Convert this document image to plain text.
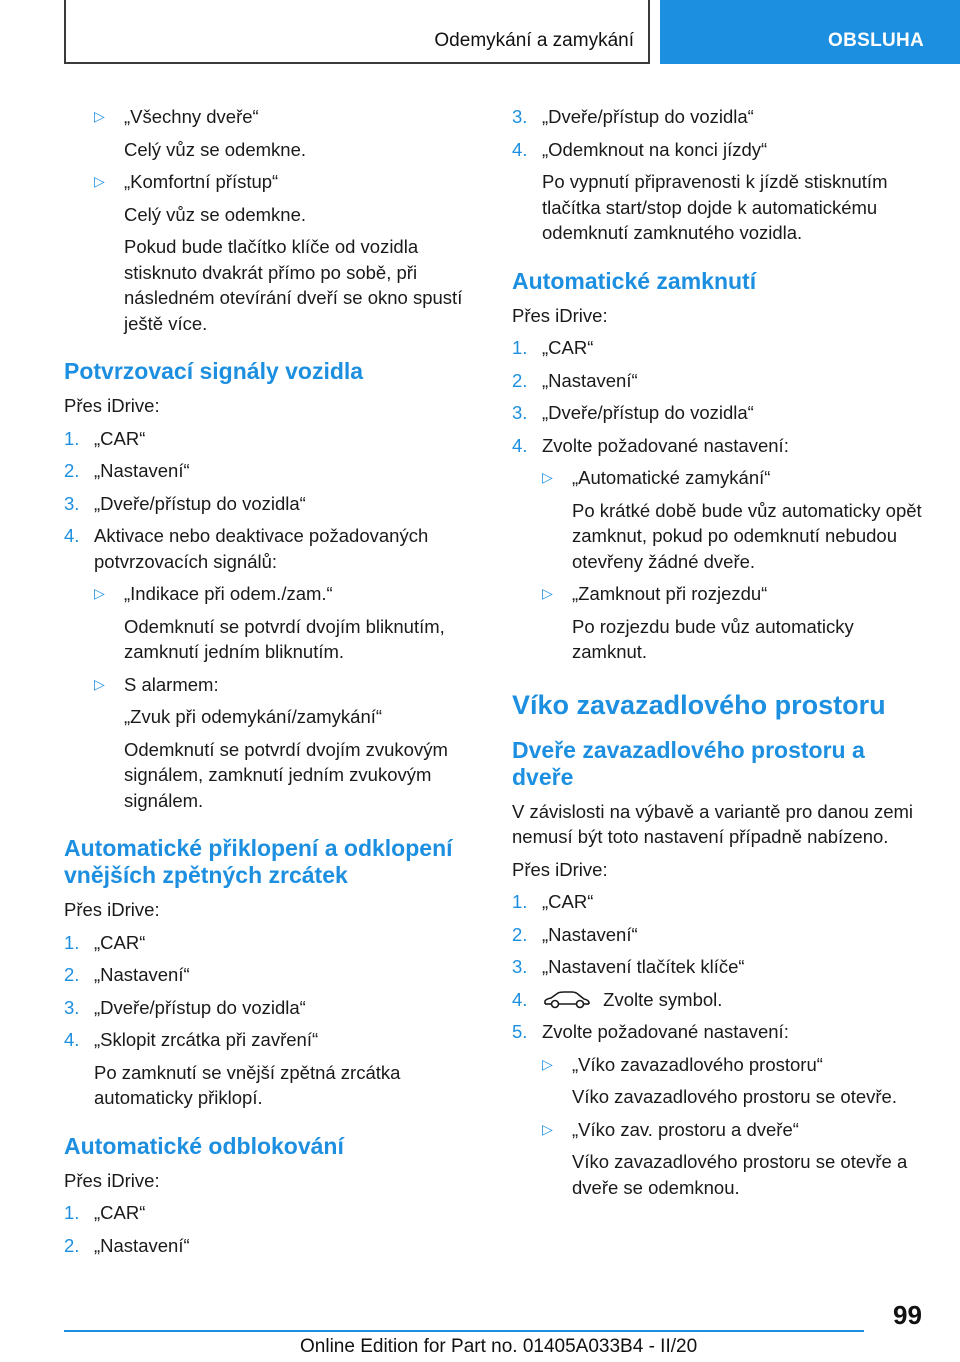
Odemykání a zamykání	OBSLUHA
▷ „Všechny dveře“
Celý vůz se odemkne.
▷ „Komfortní přístup“
Celý vůz se odemkne.
Pokud bude tlačítko klíče od vozidla stisknuto dvakrát přímo po sobě, při následném otevírání dveří se okno spustí ještě více.
Potvrzovací signály vozidla
Přes iDrive:
1. „CAR“
2. „Nastavení“
3. „Dveře/přístup do vozidla“
4. Aktivace nebo deaktivace požadovaných potvrzovacích signálů:
▷ „Indikace při odem./zam.“
Odemknutí se potvrdí dvojím bliknutím, zamknutí jedním bliknutím.
▷ S alarmem:
„Zvuk při odemykání/zamykání“
Odemknutí se potvrdí dvojím zvukovým signálem, zamknutí jedním zvukovým signálem.
Automatické přiklopení a odklopení vnějších zpětných zrcátek
Přes iDrive:
1. „CAR“
2. „Nastavení“
3. „Dveře/přístup do vozidla“
4. „Sklopit zrcátka při zavření“
Po zamknutí se vnější zpětná zrcátka automaticky přiklopí.
Automatické odblokování
Přes iDrive:
1. „CAR“
2. „Nastavení“
3. „Dveře/přístup do vozidla“
4. „Odemknout na konci jízdy“
Po vypnutí připravenosti k jízdě stisknutím tlačítka start/stop dojde k automatickému odemknutí zamknutého vozidla.
Automatické zamknutí
Přes iDrive:
1. „CAR“
2. „Nastavení“
3. „Dveře/přístup do vozidla“
4. Zvolte požadované nastavení:
▷ „Automatické zamykání“
Po krátké době bude vůz automaticky opět zamknut, pokud po odemknutí nebudou otevřeny žádné dveře.
▷ „Zamknout při rozjezdu“
Po rozjezdu bude vůz automaticky zamknut.
Víko zavazadlového prostoru
Dveře zavazadlového prostoru a dveře
V závislosti na výbavě a variantě pro danou zemi nemusí být toto nastavení případně nabízeno.
Přes iDrive:
1. „CAR“
2. „Nastavení“
3. „Nastavení tlačítek klíče“
4.	Zvolte symbol.
5. Zvolte požadované nastavení:
▷ „Víko zavazadlového prostoru“
Víko zavazadlového prostoru se otevře.
▷ „Víko zav. prostoru a dveře“
Víko zavazadlového prostoru se otevře a dveře se odemknou.
99
Online Edition for Part no. 01405A033B4 - II/20
